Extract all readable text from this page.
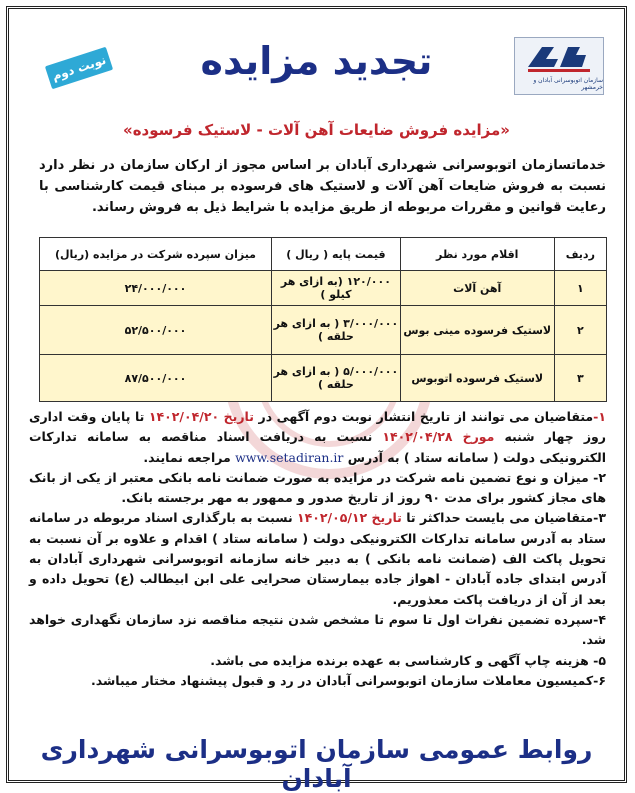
سازمان اتوبوسرانی آبادان و خرمشهر
تجدید مزایده
نوبت دوم
«مزایده فروش ضایعات آهن آلات - لاستیک فرسوده»
خدماتسازمان اتوبوسرانی شهرداری آبادان بر اساس مجوز از ارکان سازمان در نظر دارد نسبت به فروش ضایعات آهن آلات و لاستیک های فرسوده بر مبنای قیمت کارشناسی با رعایت قوانین و مقررات مربوطه از طریق مزایده با شرایط ذیل به فروش رساند.
ردیف	اقلام مورد نظر	قیمت پایه ( ریال )	میزان سپرده شرکت در مزایده (ریال)
۱	آهن آلات	۱۲۰/۰۰۰ (به ازای هر کیلو )	۲۴/۰۰۰/۰۰۰
۲	لاستیک فرسوده مینی بوس	۳/۰۰۰/۰۰۰ ( به ازای هر حلقه )	۵۲/۵۰۰/۰۰۰
۳	لاستیک فرسوده اتوبوس	۵/۰۰۰/۰۰۰ ( به ازای هر حلقه )	۸۷/۵۰۰/۰۰۰

۱-متقاضیان می توانند از تاریخ انتشار نوبت دوم آگهی در تاریخ ۱۴۰۲/۰۴/۲۰ تا پایان وقت اداری روز چهار شنبه مورخ ۱۴۰۲/۰۴/۲۸ نسبت به دریافت اسناد مناقصه به سامانه تدارکات الکترونیکی دولت ( سامانه ستاد ) به آدرس www.setadiran.ir مراجعه نمایند.

۲- میزان و نوع تضمین نامه شرکت در مزایده به صورت ضمانت نامه بانکی معتبر از یکی از بانک های مجاز کشور برای مدت ۹۰ روز از تاریخ صدور و ممهور به مهر برجسته بانک.

۳-متقاضیان می بایست حداکثر تا تاریخ ۱۴۰۲/۰۵/۱۲ نسبت به بارگذاری اسناد مربوطه در سامانه ستاد به آدرس سامانه تدارکات الکترونیکی دولت ( سامانه ستاد ) اقدام و علاوه بر آن نسبت به تحویل پاکت الف (ضمانت نامه بانکی ) به دبیر خانه سازمانه اتوبوسرانی شهرداری آبادان به آدرس ابتدای جاده آبادان - اهواز جاده بیمارستان صحرایی علی ابن ابیطالب (ع) تحویل داده و بعد از آن از دریافت پاکت معذوریم.

۴-سپرده تضمین نفرات اول تا سوم تا مشخص شدن نتیجه مناقصه نزد سازمان نگهداری خواهد شد.

۵- هزینه چاپ آگهی و کارشناسی به عهده برنده مزایده می باشد.

۶-کمیسیون معاملات سازمان اتوبوسرانی آبادان در رد و قبول پیشنهاد مختار میباشد.

روابط عمومی سازمان اتوبوسرانی شهرداری آبادان
